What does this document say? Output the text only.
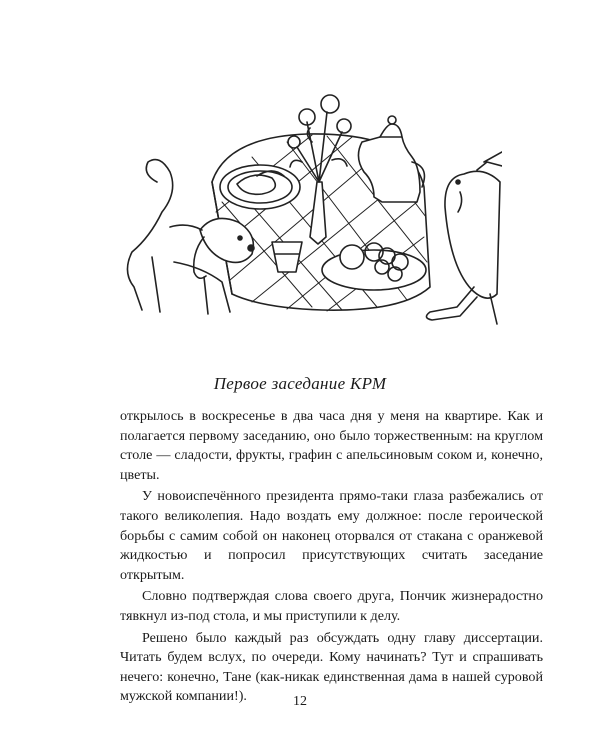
Первое заседание КРМ

открылось в воскресенье в два часа дня у меня на квартире. Как и полагается первому заседанию, оно было торжественным: на круглом столе — сладости, фрукты, графин с апельсиновым соком и, конечно, цветы.

У новоиспечённого президента прямо-таки глаза разбежались от такого великолепия. Надо воздать ему должное: после героической борьбы с самим собой он наконец оторвался от стакана с оранжевой жидкостью и попросил присутствующих считать заседание открытым.

Словно подтверждая слова своего друга, Пончик жизнерадостно тявкнул из-под стола, и мы приступили к делу.

Решено было каждый раз обсуждать одну главу диссертации. Читать будем вслух, по очереди. Кому начинать? Тут и спрашивать нечего: конечно, Тане (как-никак единственная дама в нашей суровой мужской компании!).	12
